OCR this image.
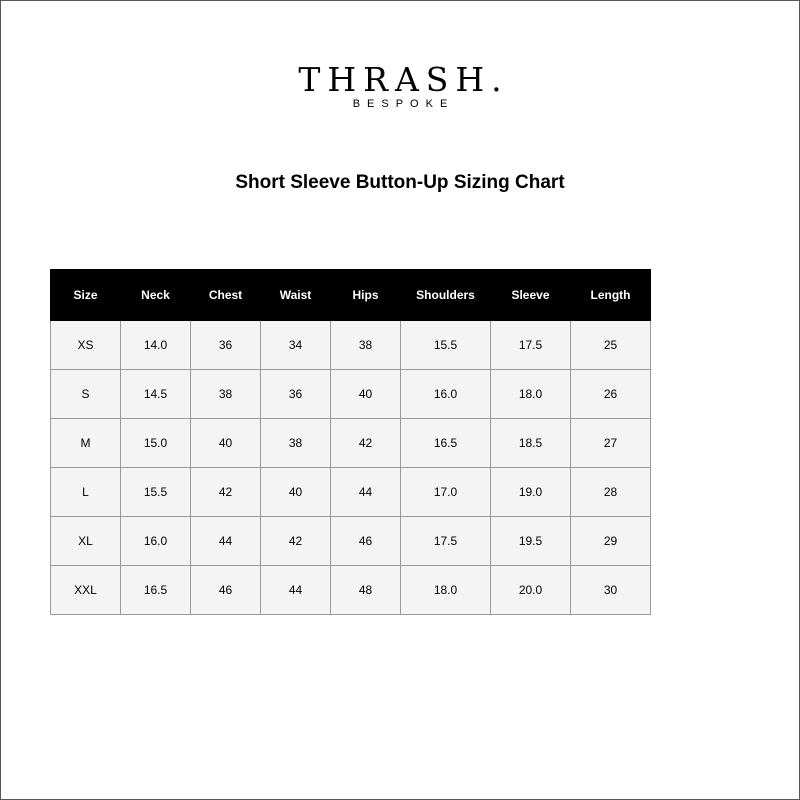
THRASH.
BESPOKE
Short Sleeve Button-Up Sizing Chart
Size	Neck	Chest	Waist	Hips	Shoulders	Sleeve	Length
XS	14.0	36	34	38	15.5	17.5	25
S	14.5	38	36	40	16.0	18.0	26
M	15.0	40	38	42	16.5	18.5	27
L	15.5	42	40	44	17.0	19.0	28
XL	16.0	44	42	46	17.5	19.5	29
XXL	16.5	46	44	48	18.0	20.0	30
